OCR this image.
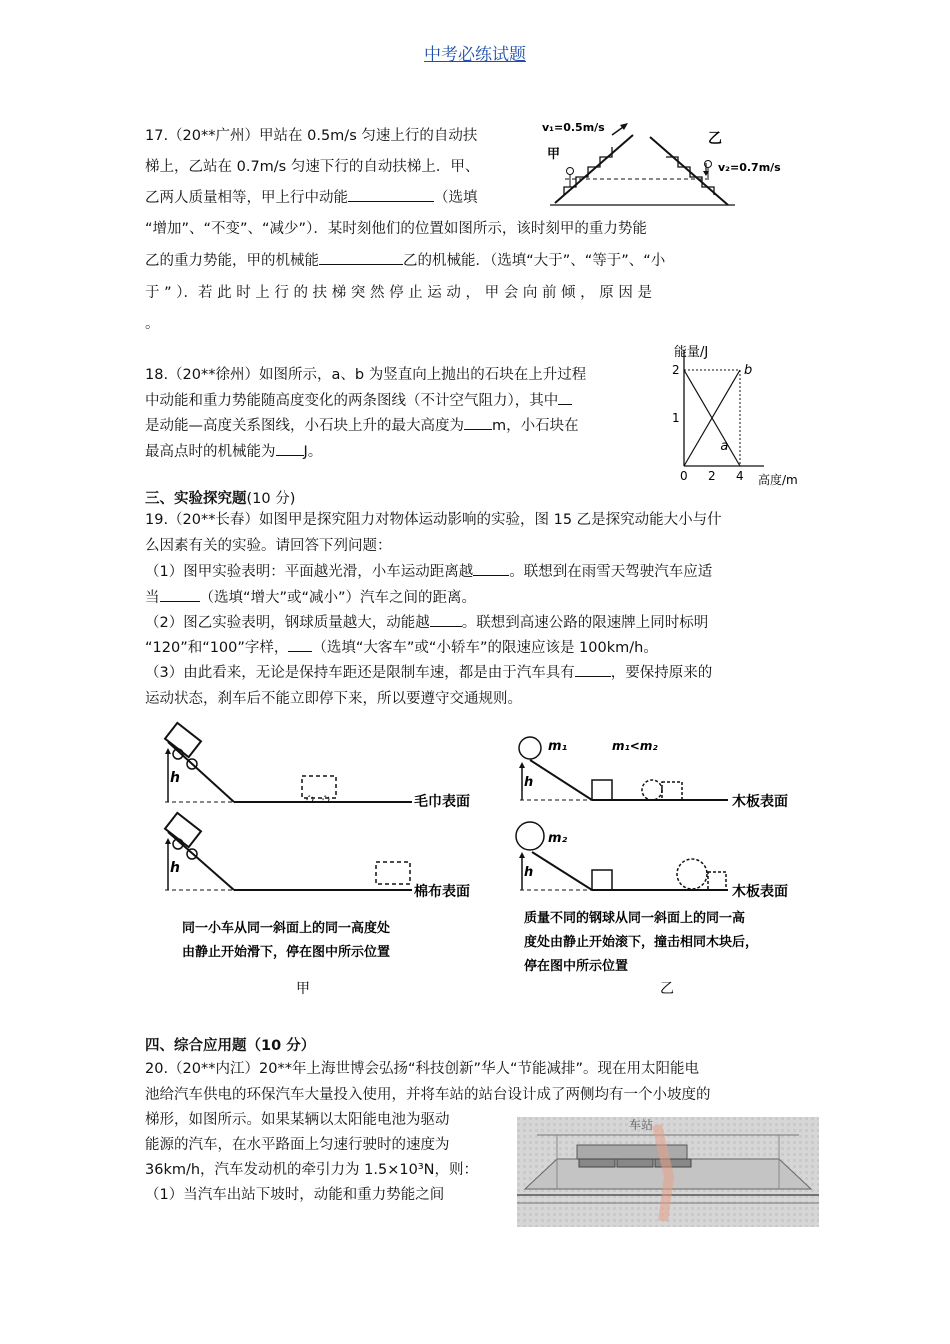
中考必练试题
17.（20**广州）甲站在 0.5m/s 匀速上行的自动扶
梯上，乙站在 0.7m/s 匀速下行的自动扶梯上．甲、
乙两人质量相等，甲上行中动能	（选填
“增加”、“不变”、“减少”）．某时刻他们的位置如图所示，该时刻甲的重力势能
乙的重力势能，甲的机械能	乙的机械能．（选填“大于”、“等于”、“小
于 ” ）．若 此 时 上 行 的 扶 梯 突 然 停 止 运 动 ， 甲 会 向 前 倾 ， 原 因 是
。
v₁=0.5m/s
甲
乙
v₂=0.7m/s
18.（20**徐州）如图所示，a、b 为竖直向上抛出的石块在上升过程
中动能和重力势能随高度变化的两条图线（不计空气阻力），其中
是动能—高度关系图线，小石块上升的最大高度为 m，小石块在
最高点时的机械能为 J。
能量/J
高度/m
0 2 4
1
2
a
b
三、实验探究题(10 分)
19.（20**长春）如图甲是探究阻力对物体运动影响的实验，图 15 乙是探究动能大小与什
么因素有关的实验。请回答下列问题：
（1）图甲实验表明：平面越光滑，小车运动距离越 。联想到在雨雪天驾驶汽车应适
当	（选填“增大”或“减小”）汽车之间的距离。
（2）图乙实验表明，钢球质量越大，动能越 。联想到高速公路的限速牌上同时标明
“120”和“100”字样， （选填“大客车”或“小轿车”的限速应该是 100km/h。
（3）由此看来，无论是保持车距还是限制车速，都是由于汽车具有 ，要保持原来的
运动状态，刹车后不能立即停下来，所以要遵守交通规则。
h
毛巾表面
h
棉布表面
同一小车从同一斜面上的同一高度处
由静止开始滑下，停在图中所示位置
甲
m₁	m₁<m₂
h
木板表面
m₂
h
木板表面
质量不同的钢球从同一斜面上的同一高
度处由静止开始滚下，撞击相同木块后，
停在图中所示位置
乙
四、综合应用题（10 分）
20.（20**内江）20**年上海世博会弘扬“科技创新”华人“节能减排”。现在用太阳能电
池给汽车供电的环保汽车大量投入使用，并将车站的站台设计成了两侧均有一个小坡度的
梯形，如图所示。如果某辆以太阳能电池为驱动
能源的汽车，在水平路面上匀速行驶时的速度为
36km/h，汽车发动机的牵引力为 1.5×10³N，则：
（1）当汽车出站下坡时，动能和重力势能之间
车站
